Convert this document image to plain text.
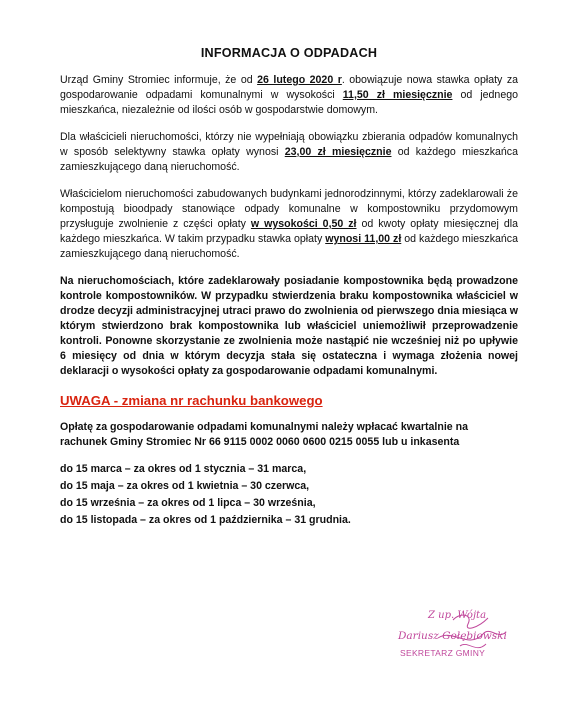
INFORMACJA O ODPADACH

Urząd Gminy Stromiec informuje, że od 26 lutego 2020 r. obowiązuje nowa stawka opłaty za gospodarowanie odpadami komunalnymi w wysokości 11,50 zł miesięcznie od jednego mieszkańca, niezależnie od ilości osób w gospodarstwie domowym.

Dla właścicieli nieruchomości, którzy nie wypełniają obowiązku zbierania odpadów komunalnych w sposób selektywny stawka opłaty wynosi 23,00 zł miesięcznie od każdego mieszkańca zamieszkującego daną nieruchomość.

Właścicielom nieruchomości zabudowanych budynkami jednorodzinnymi, którzy zadeklarowali że kompostują bioodpady stanowiące odpady komunalne w kompostowniku przydomowym przysługuje zwolnienie z części opłaty w wysokości 0,50 zł od kwoty opłaty miesięcznej dla każdego mieszkańca. W takim przypadku stawka opłaty wynosi 11,00 zł od każdego mieszkańca zamieszkującego daną nieruchomość.

Na nieruchomościach, które zadeklarowały posiadanie kompostownika będą prowadzone kontrole kompostowników. W przypadku stwierdzenia braku kompostownika właściciel w drodze decyzji administracyjnej utraci prawo do zwolnienia od pierwszego dnia miesiąca w którym stwierdzono brak kompostownika lub właściciel uniemożliwił przeprowadzenie kontroli. Ponowne skorzystanie ze zwolnienia może nastąpić nie wcześniej niż po upływie 6 miesięcy od dnia w którym decyzja stała się ostateczna i wymaga złożenia nowej deklaracji o wysokości opłaty za gospodarowanie odpadami komunalnymi.

UWAGA - zmiana nr rachunku bankowego

Opłatę za gospodarowanie odpadami komunalnymi należy wpłacać kwartalnie na rachunek Gminy Stromiec Nr 66 9115 0002 0060 0600 0215 0055 lub u inkasenta

do 15 marca – za okres od 1 stycznia – 31 marca,
do 15 maja – za okres od 1 kwietnia – 30 czerwca,
do 15 września – za okres od 1 lipca – 30 września,
do 15 listopada – za okres od 1 października – 31 grudnia.
Z up. Wójta
Dariusz Gołębiowski
SEKRETARZ GMINY
